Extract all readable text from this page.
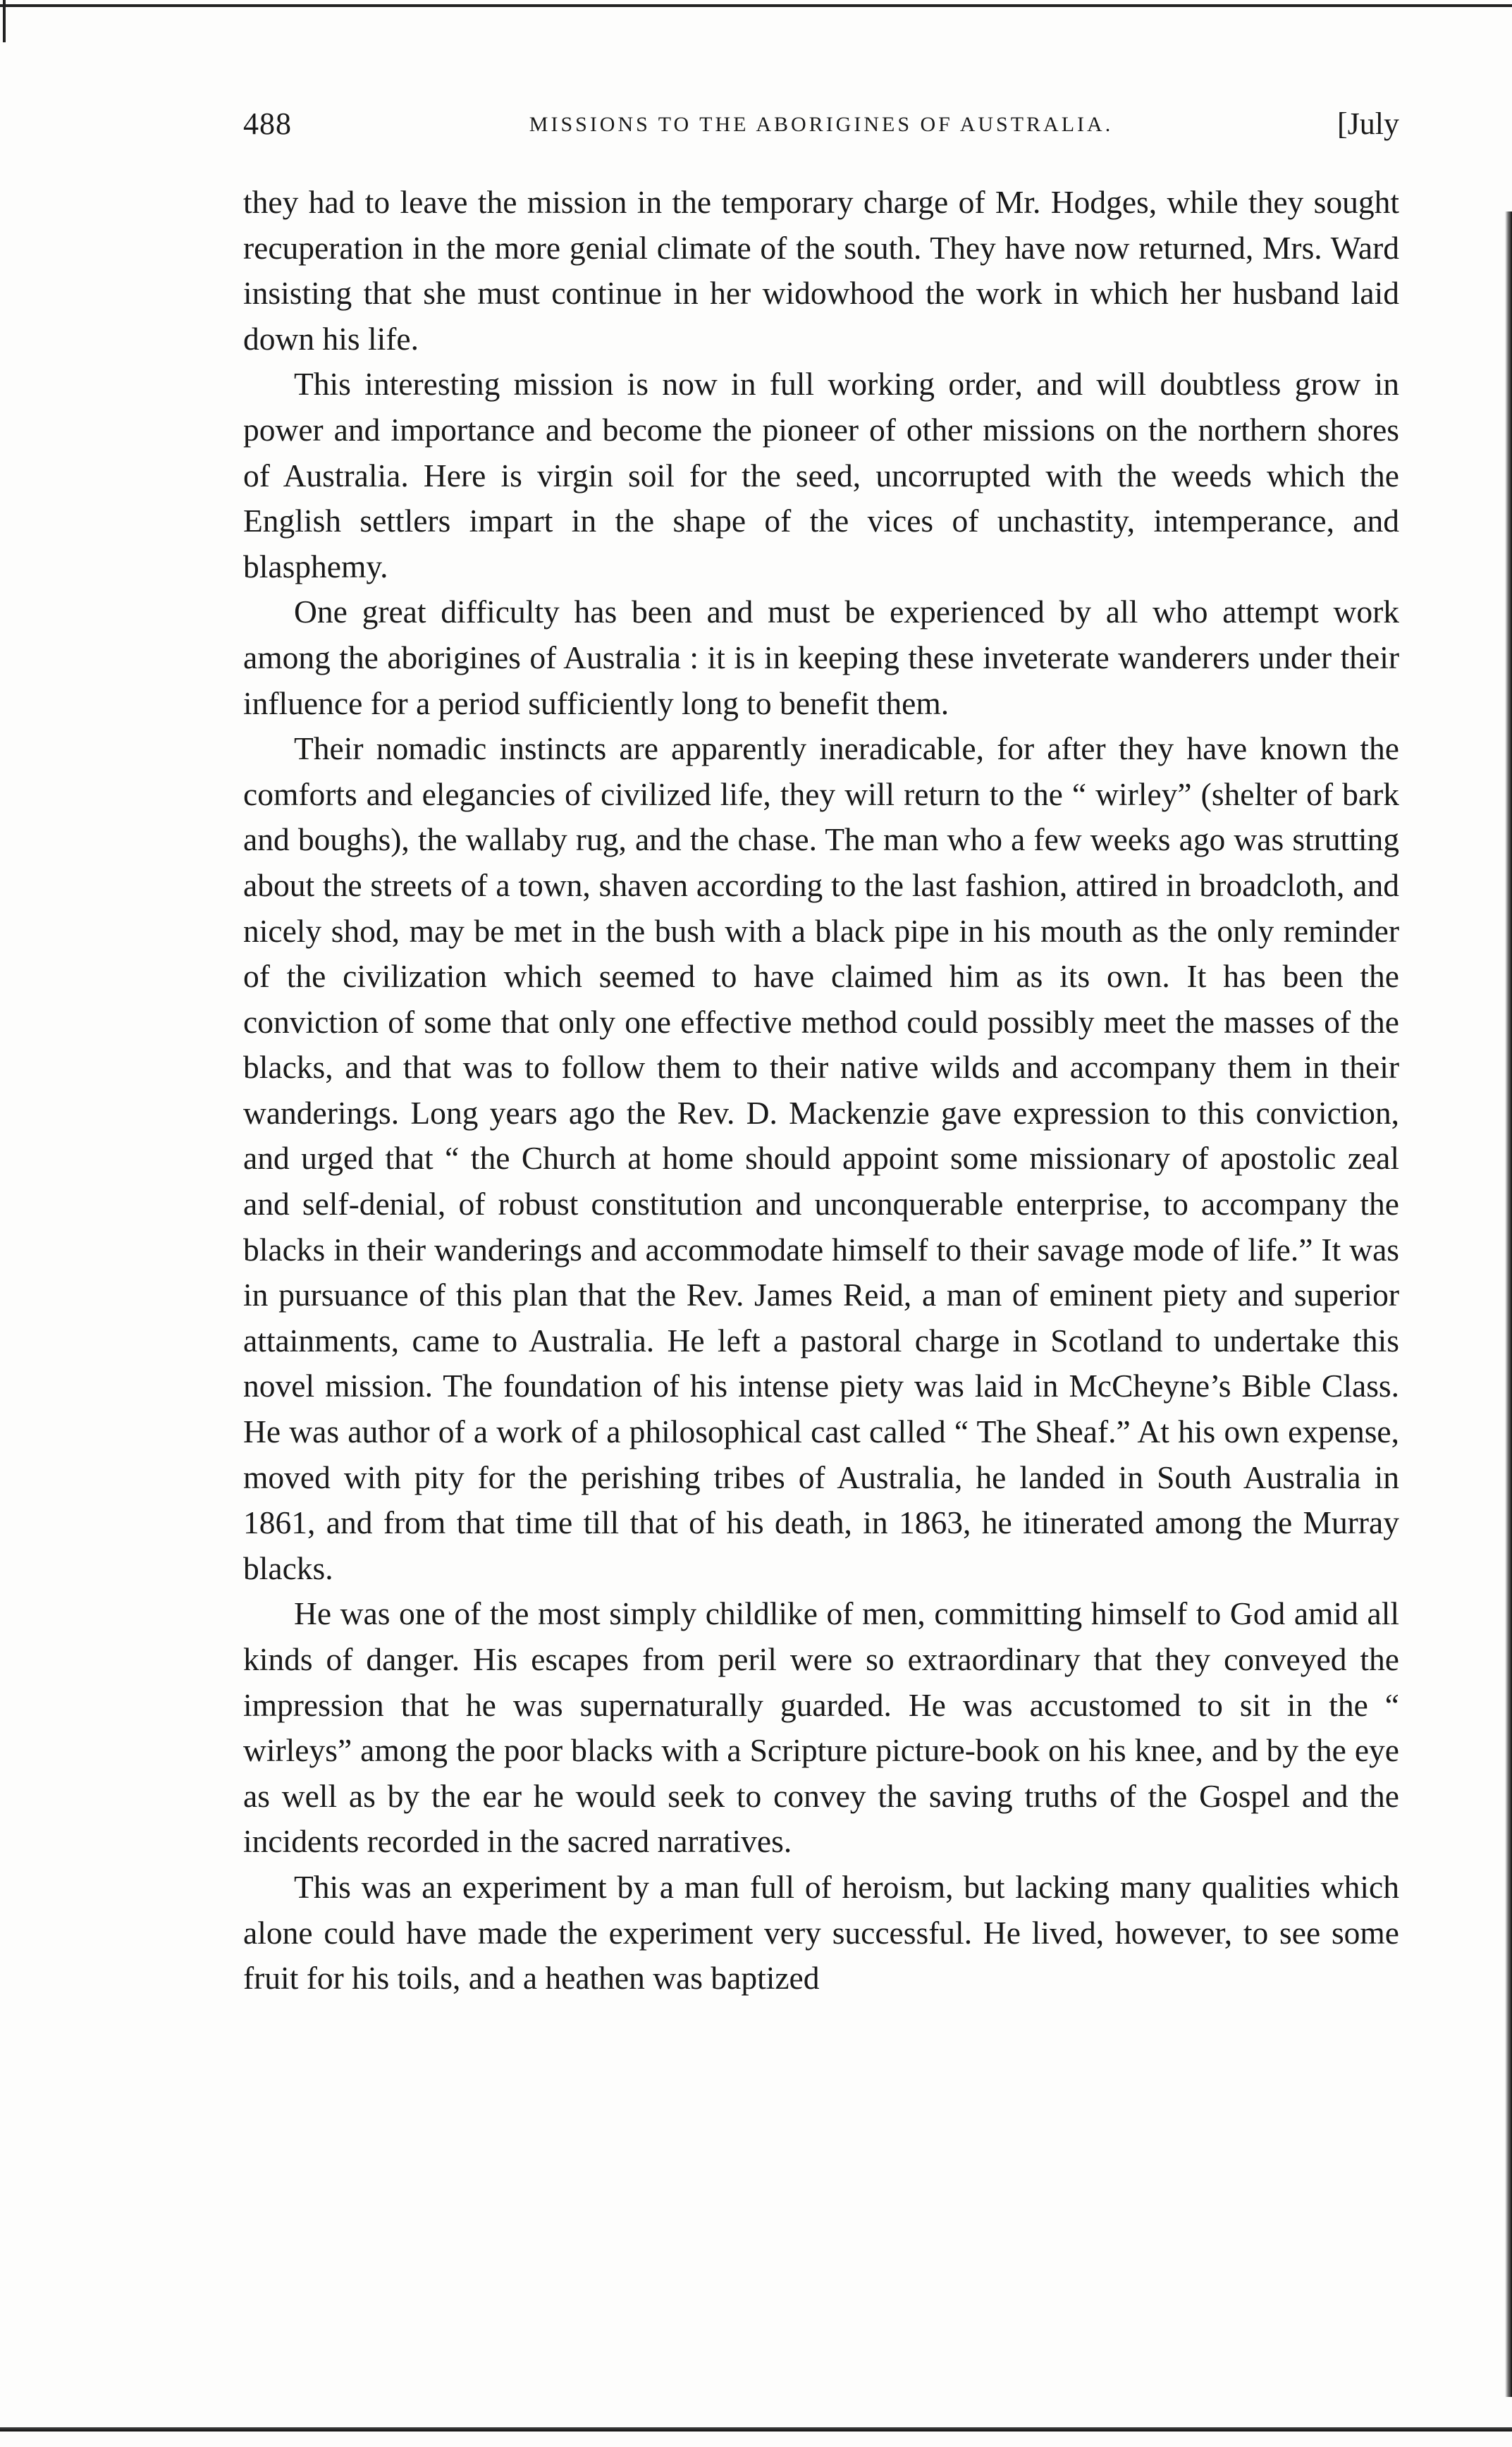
488	MISSIONS TO THE ABORIGINES OF AUSTRALIA.	[July

they had to leave the mission in the temporary charge of Mr. Hodges, while they sought recuperation in the more genial climate of the south. They have now returned, Mrs. Ward insisting that she must continue in her widowhood the work in which her husband laid down his life.

This interesting mission is now in full working order, and will doubtless grow in power and importance and become the pioneer of other missions on the northern shores of Australia. Here is virgin soil for the seed, uncorrupted with the weeds which the English settlers impart in the shape of the vices of unchastity, intemperance, and blasphemy.

One great difficulty has been and must be experienced by all who attempt work among the aborigines of Australia : it is in keeping these inveterate wanderers under their influence for a period sufficiently long to benefit them.

Their nomadic instincts are apparently ineradicable, for after they have known the comforts and elegancies of civilized life, they will return to the “ wirley” (shelter of bark and boughs), the wallaby rug, and the chase. The man who a few weeks ago was strutting about the streets of a town, shaven according to the last fashion, attired in broadcloth, and nicely shod, may be met in the bush with a black pipe in his mouth as the only reminder of the civilization which seemed to have claimed him as its own. It has been the conviction of some that only one effective method could possibly meet the masses of the blacks, and that was to follow them to their native wilds and accompany them in their wanderings. Long years ago the Rev. D. Mackenzie gave expression to this conviction, and urged that “ the Church at home should appoint some missionary of apostolic zeal and self-denial, of robust constitution and unconquerable enterprise, to accompany the blacks in their wanderings and accommodate himself to their savage mode of life.” It was in pursuance of this plan that the Rev. James Reid, a man of eminent piety and superior attainments, came to Australia. He left a pastoral charge in Scotland to undertake this novel mission. The foundation of his intense piety was laid in McCheyne’s Bible Class. He was author of a work of a philosophical cast called “ The Sheaf.” At his own expense, moved with pity for the perishing tribes of Australia, he landed in South Australia in 1861, and from that time till that of his death, in 1863, he itinerated among the Murray blacks.

He was one of the most simply childlike of men, committing himself to God amid all kinds of danger. His escapes from peril were so extraordinary that they conveyed the impression that he was supernaturally guarded. He was accustomed to sit in the “ wirleys” among the poor blacks with a Scripture picture-book on his knee, and by the eye as well as by the ear he would seek to convey the saving truths of the Gospel and the incidents recorded in the sacred narratives.

This was an experiment by a man full of heroism, but lacking many qualities which alone could have made the experiment very successful. He lived, however, to see some fruit for his toils, and a heathen was baptized
